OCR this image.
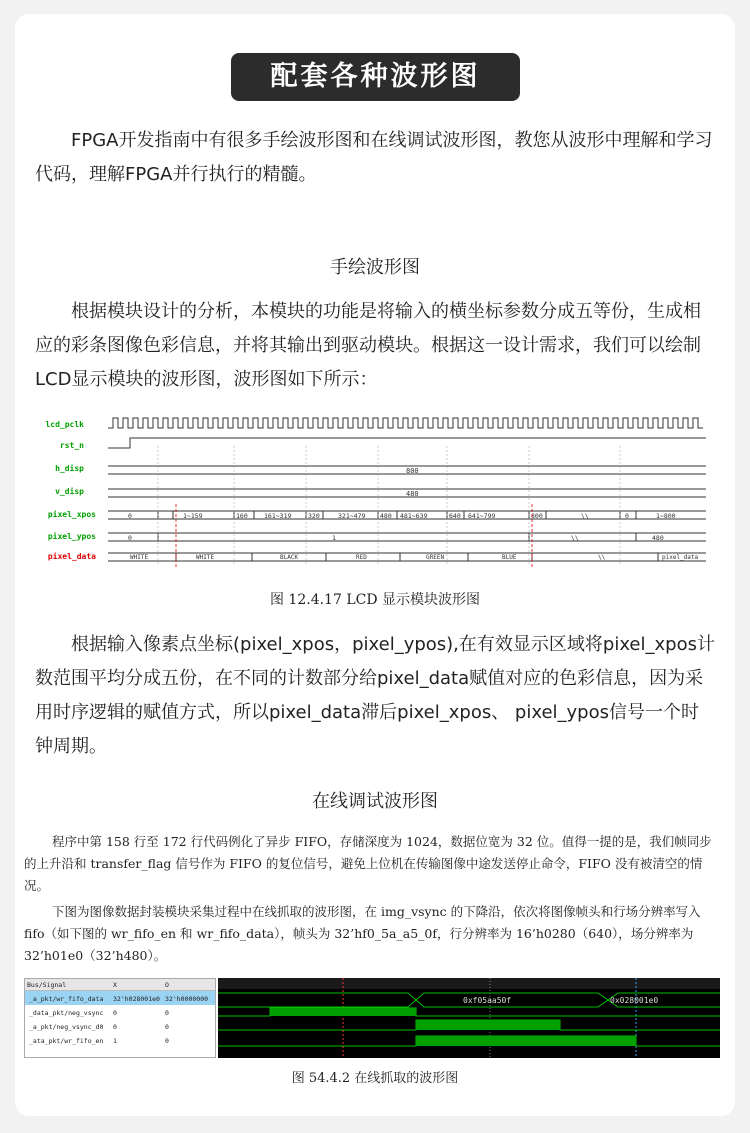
配套各种波形图

FPGA开发指南中有很多手绘波形图和在线调试波形图，教您从波形中理解和学习代码，理解FPGA并行执行的精髓。

手绘波形图

根据模块设计的分析，本模块的功能是将输入的横坐标参数分成五等份，生成相应的彩条图像色彩信息，并将其输出到驱动模块。根据这一设计需求，我们可以绘制LCD显示模块的波形图，波形图如下所示：

lcd_pclk
rst_n
h_disp
v_disp
pixel_xpos
pixel_ypos
pixel_data
800
480
0	1~159	160	161~319	320	321~479 480 481~639	640 641~799	800	\\	0	1~800
0	1	\\	480
WHITE	WHITE	BLACK	RED	GREEN	BLUE	\\	pixel_data
图 12.4.17 LCD 显示模块波形图

根据输入像素点坐标(pixel_xpos，pixel_ypos),在有效显示区域将pixel_xpos计数范围平均分成五份，在不同的计数部分给pixel_data赋值对应的色彩信息，因为采用时序逻辑的赋值方式，所以pixel_data滞后pixel_xpos、 pixel_ypos信号一个时钟周期。

在线调试波形图

程序中第 158 行至 172 行代码例化了异步 FIFO，存储深度为 1024，数据位宽为 32 位。值得一提的是，我们帧同步的上升沿和 transfer_flag 信号作为 FIFO 的复位信号，避免上位机在传输图像中途发送停止命令，FIFO 没有被清空的情况。

下图为图像数据封装模块采集过程中在线抓取的波形图，在 img_vsync 的下降沿，依次将图像帧头和行场分辨率写入 fifo（如下图的 wr_fifo_en 和 wr_fifo_data），帧头为 32’hf0_5a_a5_0f，行分辨率为 16’h0280（640），场分辨率为 32’h01e0（32’h480）。

Bus/Signal	X	O
_a_pkt/wr_fifo_data 32'h028001e0 32'h0000000
_data_pkt/neg_vsync 0	0
_a_pkt/neg_vsync_d0 0	0
_ata_pkt/wr_fifo_en 1	0
0xf05aa50f	0x028001e0
图 54.4.2 在线抓取的波形图
